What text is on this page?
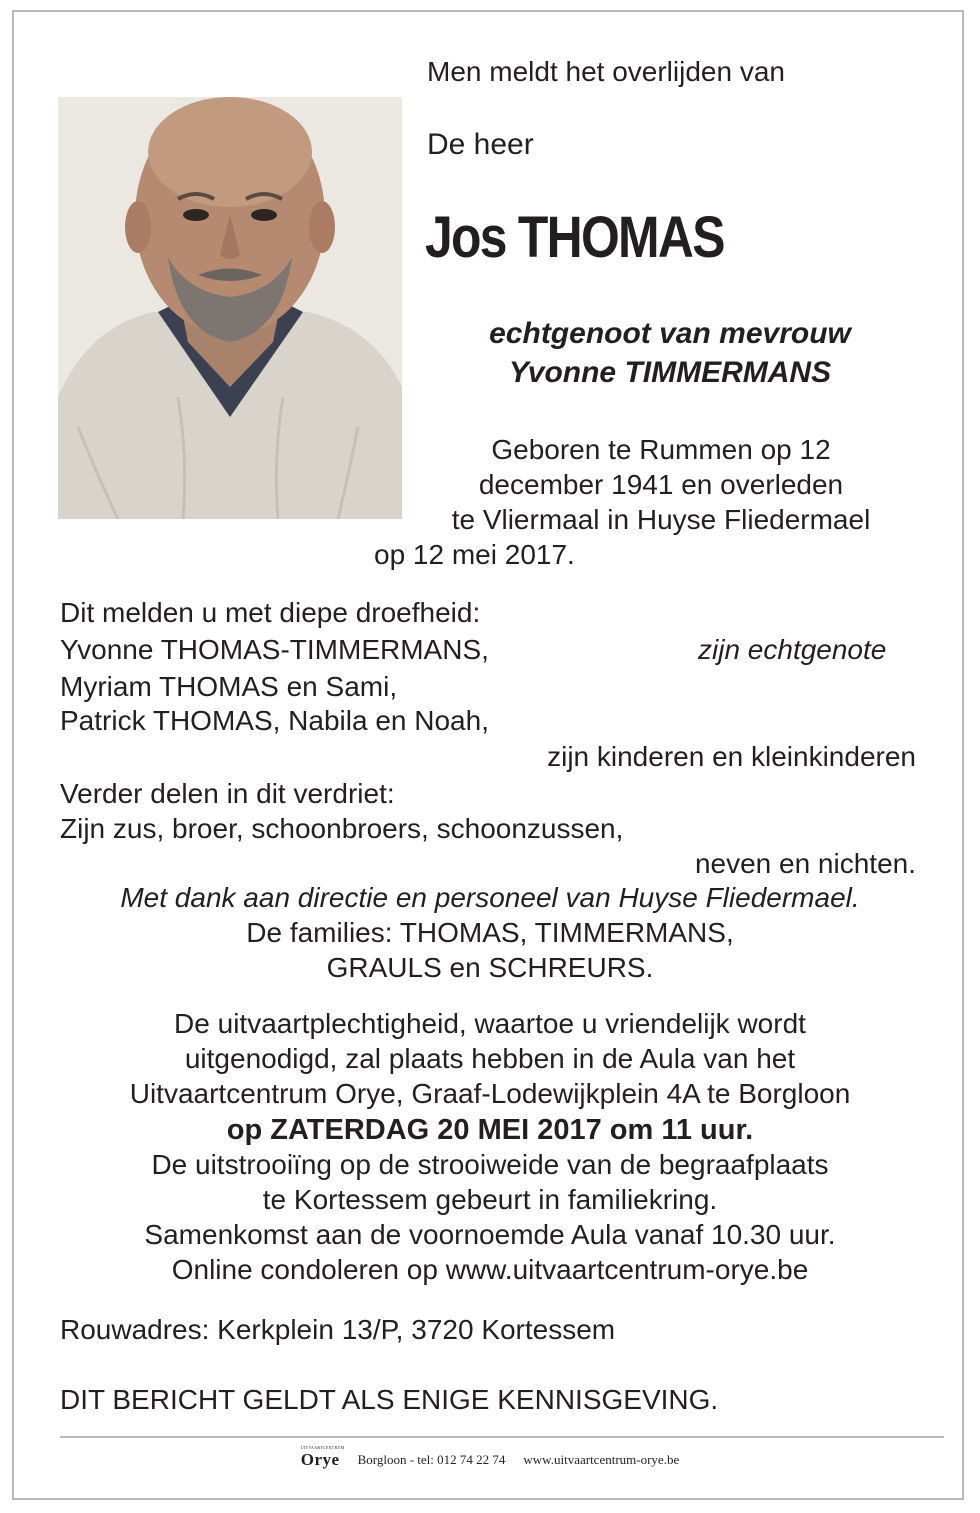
Men meldt het overlijden van
De heer
Jos THOMAS
echtgenoot van mevrouw
Yvonne TIMMERMANS
Geboren te Rummen op 12
december 1941 en overleden
te Vliermaal in Huyse Fliedermael
op 12 mei 2017.
Dit melden u met diepe droefheid:
Yvonne THOMAS-TIMMERMANS,	zijn echtgenote
Myriam THOMAS en Sami,
Patrick THOMAS, Nabila en Noah,
zijn kinderen en kleinkinderen
Verder delen in dit verdriet:
Zijn zus, broer, schoonbroers, schoonzussen,
neven en nichten.
Met dank aan directie en personeel van Huyse Fliedermael.
De families: THOMAS, TIMMERMANS,
GRAULS en SCHREURS.
De uitvaartplechtigheid, waartoe u vriendelijk wordt
uitgenodigd, zal plaats hebben in de Aula van het
Uitvaartcentrum Orye, Graaf-Lodewijkplein 4A te Borgloon
op ZATERDAG 20 MEI 2017 om 11 uur.
De uitstrooiïng op de strooiweide van de begraafplaats
te Kortessem gebeurt in familiekring.
Samenkomst aan de voornoemde Aula vanaf 10.30 uur.
Online condoleren op www.uitvaartcentrum-orye.be
Rouwadres: Kerkplein 13/P, 3720 Kortessem
DIT BERICHT GELDT ALS ENIGE KENNISGEVING.
UITVAARTCENTRUM
Orye Borgloon - tel: 012 74 22 74 www.uitvaartcentrum-orye.be
